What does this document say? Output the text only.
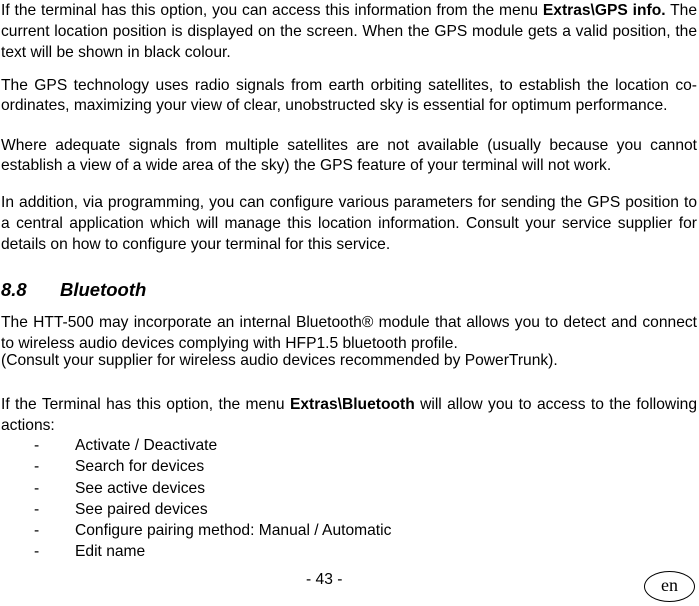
If the terminal has this option, you can access this information from the menu Extras\GPS info. The current location position is displayed on the screen. When the GPS module gets a valid position, the text will be shown in black colour.

The GPS technology uses radio signals from earth orbiting satellites, to establish the location co-ordinates, maximizing your view of clear, unobstructed sky is essential for optimum performance.

Where adequate signals from multiple satellites are not available (usually because you cannot establish a view of a wide area of the sky) the GPS feature of your terminal will not work.

In addition, via programming, you can configure various parameters for sending the GPS position to a central application which will manage this location information. Consult your service supplier for details on how to configure your terminal for this service.

8.8 Bluetooth

The HTT-500 may incorporate an internal Bluetooth® module that allows you to detect and connect to wireless audio devices complying with HFP1.5 bluetooth profile.

(Consult your supplier for wireless audio devices recommended by PowerTrunk).

If the Terminal has this option, the menu Extras\Bluetooth will allow you to access to the following actions:

- Activate / Deactivate
- Search for devices
- See active devices
- See paired devices
- Configure pairing method: Manual / Automatic
- Edit name
- 43 -	en
